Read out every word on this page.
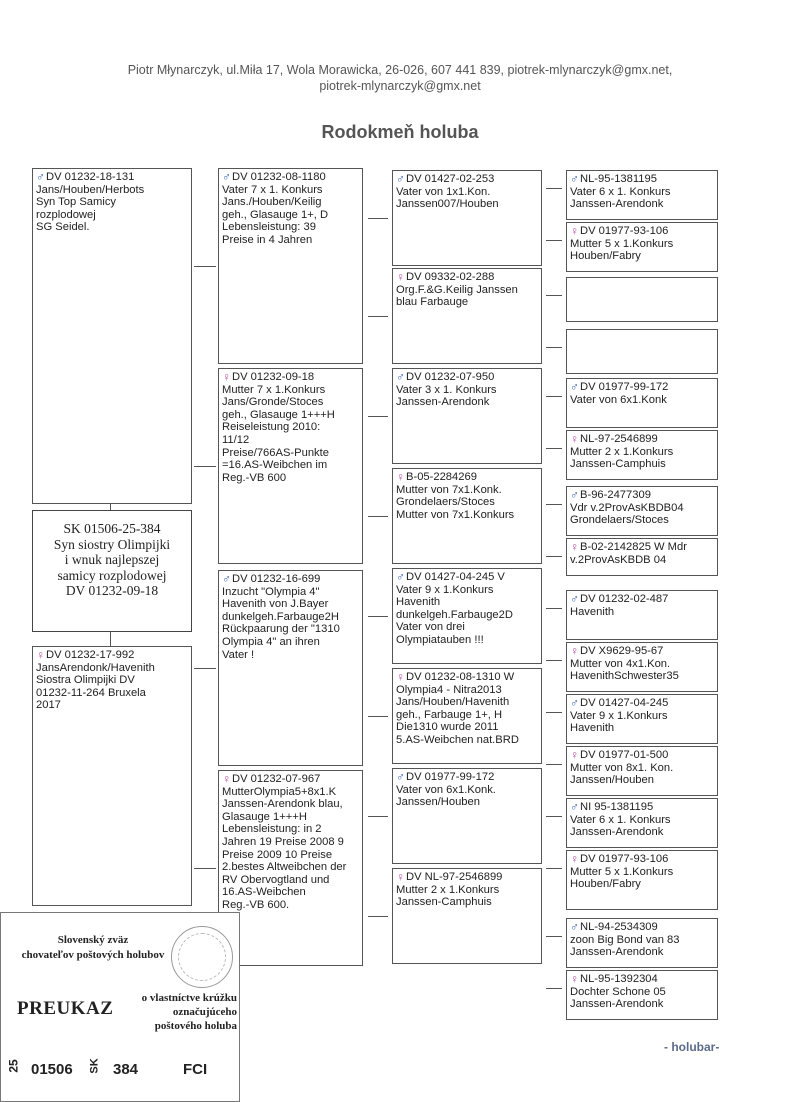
Piotr Młynarczyk, ul.Miła 17, Wola Morawicka, 26-026, 607 441 839, piotrek-mlynarczyk@gmx.net,
piotrek-mlynarczyk@gmx.net
Rodokmeň holuba
♂ DV 01232-18-131
Jans/Houben/Herbots
Syn Top Samicy
rozplodowej
SG Seidel.
♀ DV 01232-17-992
JansArendonk/Havenith
Siostra Olimpijki DV
01232-11-264 Bruxela
2017
♂ DV 01232-08-1180
Vater 7 x 1. Konkurs
Jans./Houben/Keilig
geh., Glasauge 1+, D
Lebensleistung: 39
Preise in 4 Jahren
♀ DV 01232-09-18
Mutter 7 x 1.Konkurs
Jans/Gronde/Stoces
geh., Glasauge 1+++H
Reiseleistung 2010:
11/12
Preise/766AS-Punkte
=16.AS-Weibchen im
Reg.-VB 600
♂ DV 01232-16-699
Inzucht "Olympia 4"
Havenith von J.Bayer
dunkelgeh.Farbauge2H
Rückpaarung der "1310
Olympia 4" an ihren
Vater !
♀ DV 01232-07-967
MutterOlympia5+8x1.K
Janssen-Arendonk blau,
Glasauge 1+++H
Lebensleistung: in 2
Jahren 19 Preise 2008 9
Preise 2009 10 Preise
2.bestes Altweibchen der
RV Obervogtland und
16.AS-Weibchen
Reg.-VB 600.
♂ DV 01427-02-253
Vater von 1x1.Kon.
Janssen007/Houben
♀ DV 09332-02-288
Org.F.&G.Keilig Janssen
blau Farbauge
♂ DV 01232-07-950
Vater 3 x 1. Konkurs
Janssen-Arendonk
♀ B-05-2284269
Mutter von 7x1.Konk.
Grondelaers/Stoces
Mutter von 7x1.Konkurs
♂ DV 01427-04-245 V
Vater 9 x 1.Konkurs
Havenith
dunkelgeh.Farbauge2D
Vater von drei
Olympiatauben !!!
♀ DV 01232-08-1310 W
Olympia4 - Nitra2013
Jans/Houben/Havenith
geh., Farbauge 1+, H
Die1310 wurde 2011
5.AS-Weibchen nat.BRD
♂ DV 01977-99-172
Vater von 6x1.Konk.
Janssen/Houben
♀ DV NL-97-2546899
Mutter 2 x 1.Konkurs
Janssen-Camphuis
♂ NL-95-1381195
Vater 6 x 1. Konkurs
Janssen-Arendonk
♀ DV 01977-93-106
Mutter 5 x 1.Konkurs
Houben/Fabry
♂ DV 01977-99-172
Vater von 6x1.Konk
♀ NL-97-2546899
Mutter 2 x 1.Konkurs
Janssen-Camphuis
♂ B-96-2477309
Vdr v.2ProvAsKBDB04
Grondelaers/Stoces
♀ B-02-2142825 W Mdr
v.2ProvAsKBDB 04
♂ DV 01232-02-487
Havenith
♀ DV X9629-95-67
Mutter von 4x1.Kon.
HavenithSchwester35
♂ DV 01427-04-245
Vater 9 x 1.Konkurs
Havenith
♀ DV 01977-01-500
Mutter von 8x1. Kon.
Janssen/Houben
♂ NI 95-1381195
Vater 6 x 1. Konkurs
Janssen-Arendonk
♀ DV 01977-93-106
Mutter 5 x 1.Konkurs
Houben/Fabry
♂ NL-94-2534309
zoon Big Bond van 83
Janssen-Arendonk
♀ NL-95-1392304
Dochter Schone 05
Janssen-Arendonk
SK 01506-25-384
Syn siostry Olimpijki
i wnuk najlepszej
samicy rozplodowej
DV 01232-09-18
Slovenský zväz
chovateľov poštových holubov
PREUKAZ	o vlastníctve krúžku
označujúceho
poštového holuba
25 01506 SK 384	FCI
- holubar-
